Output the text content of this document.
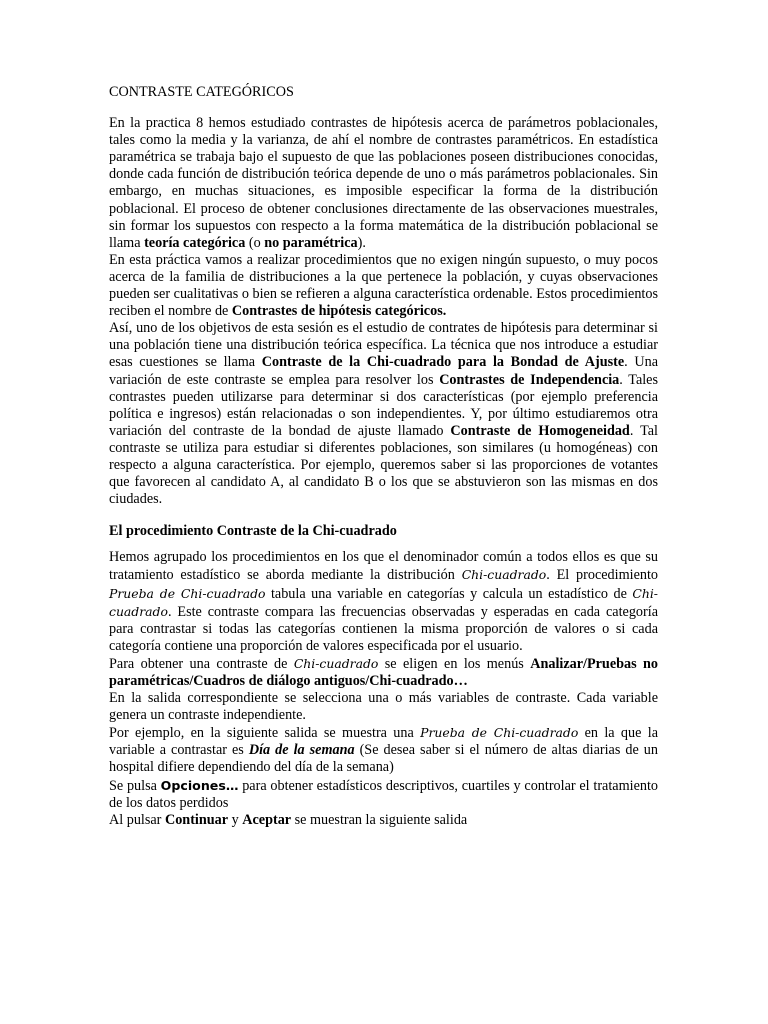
CONTRASTE CATEGÓRICOS

En la practica 8 hemos estudiado contrastes de hipótesis acerca de parámetros poblacionales, tales como la media y la varianza, de ahí el nombre de contrastes paramétricos. En estadística paramétrica se trabaja bajo el supuesto de que las poblaciones poseen distribuciones conocidas, donde cada función de distribución teórica depende de uno o más parámetros poblacionales. Sin embargo, en muchas situaciones, es imposible especificar la forma de la distribución poblacional. El proceso de obtener conclusiones directamente de las observaciones muestrales, sin formar los supuestos con respecto a la forma matemática de la distribución poblacional se llama teoría categórica (o no paramétrica).

En esta práctica vamos a realizar procedimientos que no exigen ningún supuesto, o muy pocos acerca de la familia de distribuciones a la que pertenece la población, y cuyas observaciones pueden ser cualitativas o bien se refieren a alguna característica ordenable. Estos procedimientos reciben el nombre de Contrastes de hipótesis categóricos.

Así, uno de los objetivos de esta sesión es el estudio de contrates de hipótesis para determinar si una población tiene una distribución teórica específica. La técnica que nos introduce a estudiar esas cuestiones se llama Contraste de la Chi-cuadrado para la Bondad de Ajuste. Una variación de este contraste se emplea para resolver los Contrastes de Independencia. Tales contrastes pueden utilizarse para determinar si dos características (por ejemplo preferencia política e ingresos) están relacionadas o son independientes. Y, por último estudiaremos otra variación del contraste de la bondad de ajuste llamado Contraste de Homogeneidad. Tal contraste se utiliza para estudiar si diferentes poblaciones, son similares (u homogéneas) con respecto a alguna característica. Por ejemplo, queremos saber si las proporciones de votantes que favorecen al candidato A, al candidato B o los que se abstuvieron son las mismas en dos ciudades.

El procedimiento Contraste de la Chi-cuadrado

Hemos agrupado los procedimientos en los que el denominador común a todos ellos es que su tratamiento estadístico se aborda mediante la distribución Chi-cuadrado. El procedimiento Prueba de Chi-cuadrado tabula una variable en categorías y calcula un estadístico de Chi-cuadrado. Este contraste compara las frecuencias observadas y esperadas en cada categoría para contrastar si todas las categorías contienen la misma proporción de valores o si cada categoría contiene una proporción de valores especificada por el usuario.

Para obtener una contraste de Chi-cuadrado se eligen en los menús Analizar/Pruebas no paramétricas/Cuadros de diálogo antiguos/Chi-cuadrado…

En la salida correspondiente se selecciona una o más variables de contraste. Cada variable genera un contraste independiente.

Por ejemplo, en la siguiente salida se muestra una Prueba de Chi-cuadrado en la que la variable a contrastar es Día de la semana (Se desea saber si el número de altas diarias de un hospital difiere dependiendo del día de la semana)

Se pulsa Opciones… para obtener estadísticos descriptivos, cuartiles y controlar el tratamiento de los datos perdidos

Al pulsar Continuar y Aceptar se muestran la siguiente salida
